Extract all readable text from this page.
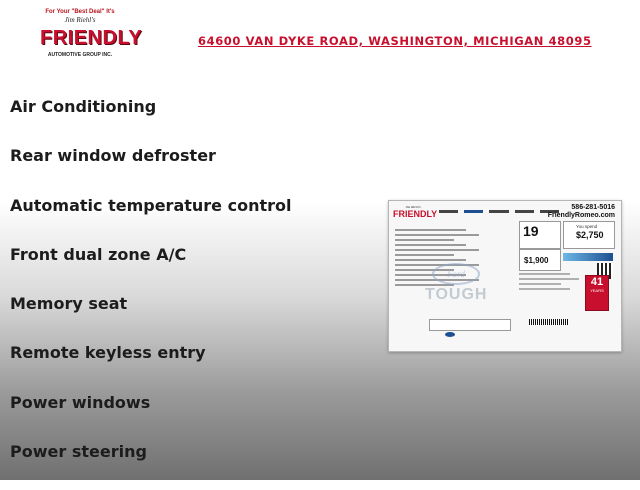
For Your "Best Deal" It's
Jim Riehl's
FRIENDLY
AUTOMOTIVE GROUP INC.
64600 VAN DYKE ROAD, WASHINGTON, MICHIGAN 48095
Air Conditioning
Rear window defroster
Automatic temperature control
Front dual zone A/C
Memory seat
Remote keyless entry
Power windows
Power steering
Jim Riehl's
FRIENDLY
586-281-5016
FriendlyRomeo.com
Ford
TOUGH
19	You spend
$2,750
$1,900
41
YEARS
